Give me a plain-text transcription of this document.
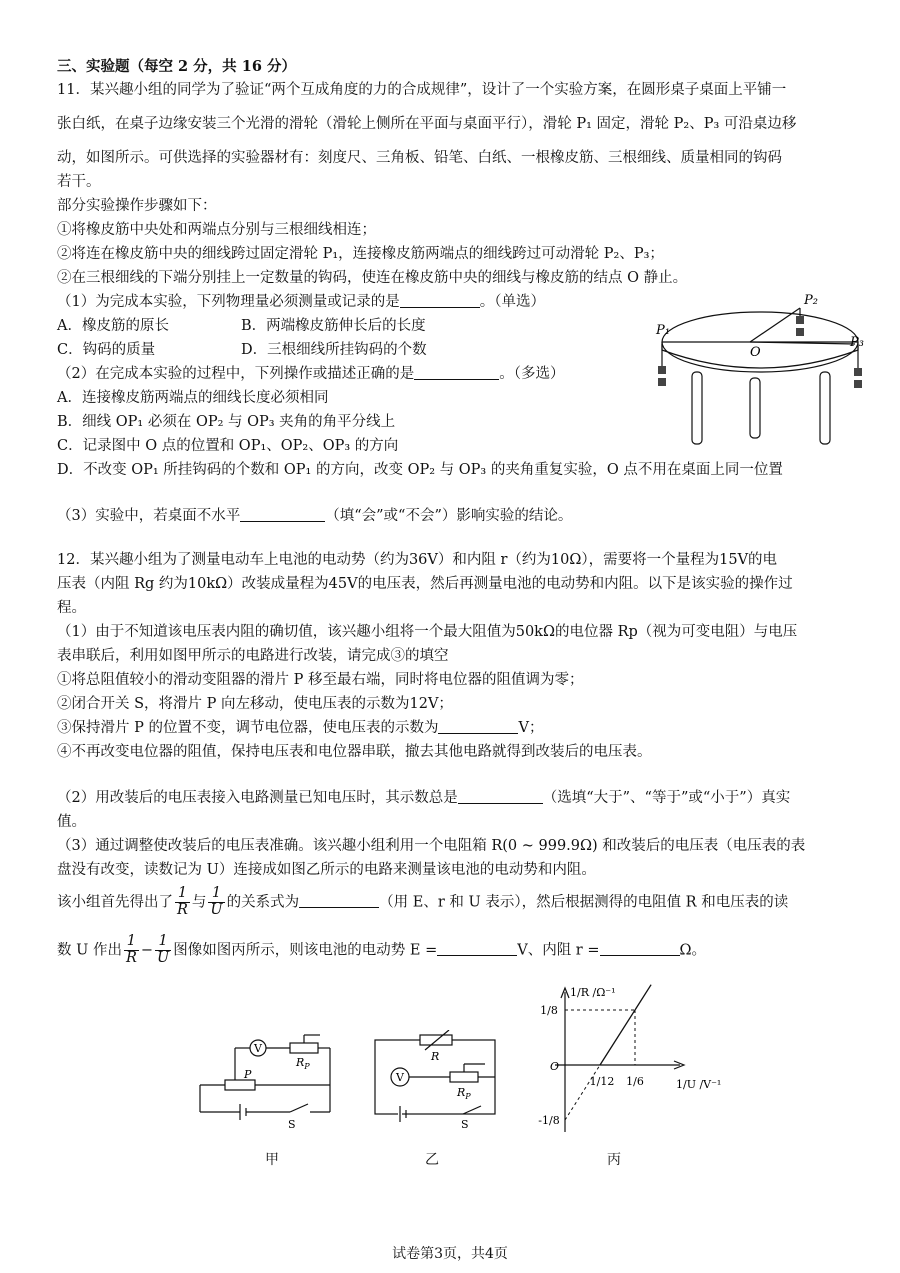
三、实验题（每空 2 分，共 16 分）
11．某兴趣小组的同学为了验证“两个互成角度的力的合成规律”，设计了一个实验方案，在圆形桌子桌面上平铺一
张白纸，在桌子边缘安装三个光滑的滑轮（滑轮上侧所在平面与桌面平行），滑轮 P₁ 固定，滑轮 P₂、P₃ 可沿桌边移
动，如图所示。可供选择的实验器材有：刻度尺、三角板、铅笔、白纸、一根橡皮筋、三根细线、质量相同的钩码
若干。
部分实验操作步骤如下：
①将橡皮筋中央处和两端点分别与三根细线相连；
②将连在橡皮筋中央的细线跨过固定滑轮 P₁，连接橡皮筋两端点的细线跨过可动滑轮 P₂、P₃；
②在三根细线的下端分别挂上一定数量的钩码，使连在橡皮筋中央的细线与橡皮筋的结点 O 静止。
（1）为完成本实验，下列物理量必须测量或记录的是	。（单选）
A．橡皮筋的原长	B．两端橡皮筋伸长后的长度
C．钩码的质量	D．三根细线所挂钩码的个数
（2）在完成本实验的过程中，下列操作或描述正确的是	。（多选）
A．连接橡皮筋两端点的细线长度必须相同
B．细线 OP₁ 必须在 OP₂ 与 OP₃ 夹角的角平分线上
C．记录图中 O 点的位置和 OP₁、OP₂、OP₃ 的方向
D．不改变 OP₁ 所挂钩码的个数和 OP₁ 的方向，改变 OP₂ 与 OP₃ 的夹角重复实验，O 点不用在桌面上同一位置
（3）实验中，若桌面不水平	（填“会”或“不会”）影响实验的结论。
12．某兴趣小组为了测量电动车上电池的电动势（约为36V）和内阻 r（约为10Ω），需要将一个量程为15V的电
压表（内阻 Rg 约为10kΩ）改装成量程为45V的电压表，然后再测量电池的电动势和内阻。以下是该实验的操作过
程。
（1）由于不知道该电压表内阻的确切值，该兴趣小组将一个最大阻值为50kΩ的电位器 Rp（视为可变电阻）与电压
表串联后，利用如图甲所示的电路进行改装，请完成③的填空
①将总阻值较小的滑动变阻器的滑片 P 移至最右端，同时将电位器的阻值调为零；
②闭合开关 S，将滑片 P 向左移动，使电压表的示数为12V；
③保持滑片 P 的位置不变，调节电位器，使电压表的示数为	V；
④不再改变电位器的阻值，保持电压表和电位器串联，撤去其他电路就得到改装后的电压表。
（2）用改装后的电压表接入电路测量已知电压时，其示数总是	（选填“大于”、“等于”或“小于”）真实
值。
（3）通过调整使改装后的电压表准确。该兴趣小组利用一个电阻箱 R(0 ~ 999.9Ω) 和改装后的电压表（电压表的表
盘没有改变，读数记为 U）连接成如图乙所示的电路来测量该电池的电动势和内阻。
该小组首先得出了 $\frac{1}{R}$ 与 $\frac{1}{U}$ 的关系式为	（用 E、r 和 U 表示），然后根据测得的电阻值 R 和电压表的读
数 U 作出 $\frac{1}{R} - \frac{1}{U}$ 图像如图丙所示，则该电池的电动势 E =	V、内阻 r =	Ω。
P₁
P₂
P₃
O
V
P
$R_P$
S
甲
V
R
$R_P$
S
乙
1/8
-1/8
1/12 1/6
1/R /Ω⁻¹
1/U /V⁻¹
O
丙
试卷第3页，共4页
